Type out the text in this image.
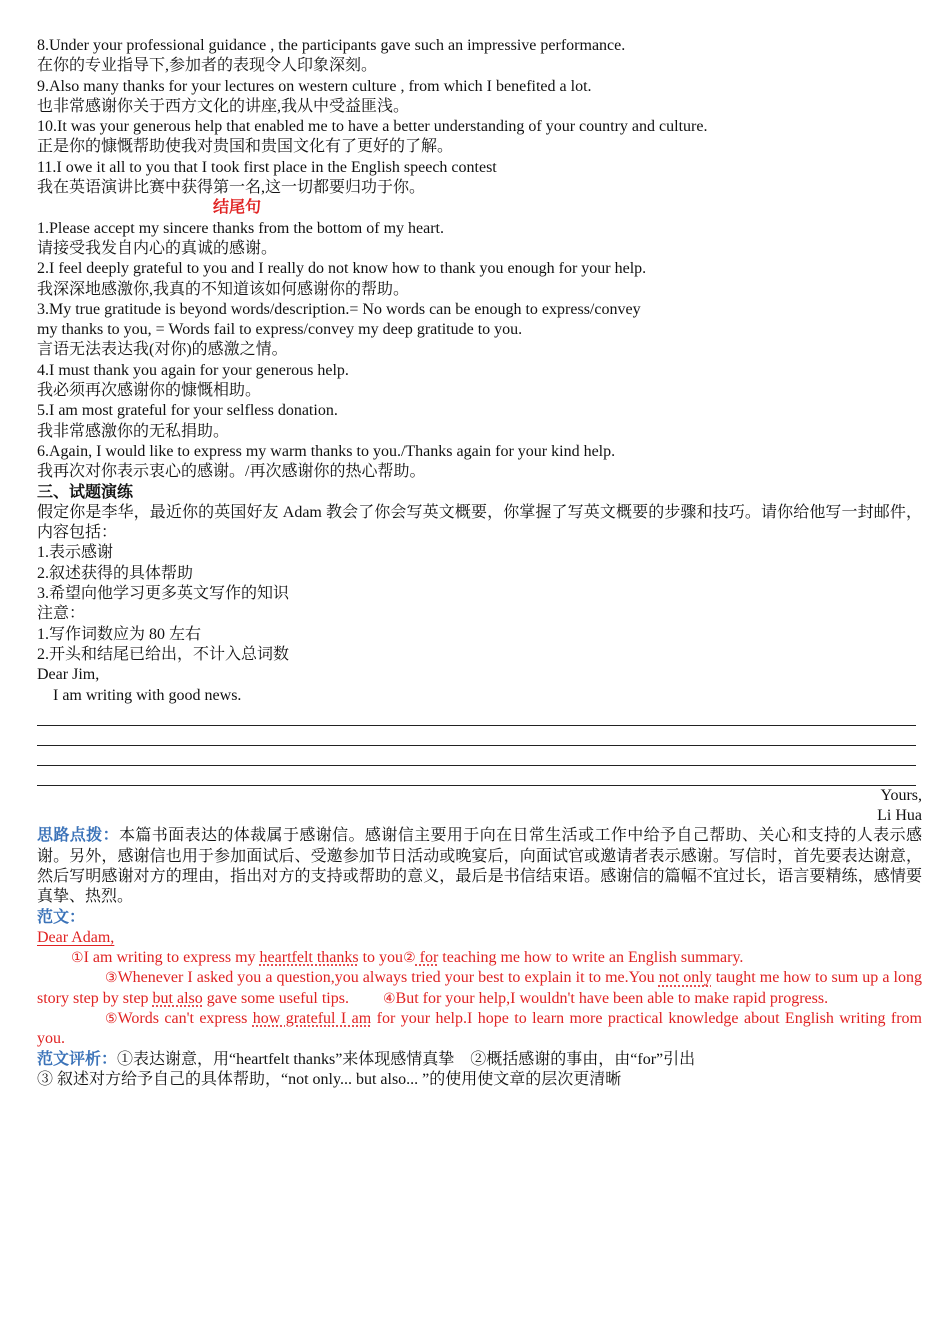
8.Under your professional guidance , the participants gave such an impressive performance.
在你的专业指导下,参加者的表现令人印象深刻。
9.Also many thanks for your lectures on western culture , from which I benefited a lot.
也非常感谢你关于西方文化的讲座,我从中受益匪浅。
10.It was your generous help that enabled me to have a better understanding of your country and culture.
正是你的慷慨帮助使我对贵国和贵国文化有了更好的了解。
11.I owe it all to you that I took first place in the English speech contest
我在英语演讲比赛中获得第一名,这一切都要归功于你。
结尾句
1.Please accept my sincere thanks from the bottom of my heart.
请接受我发自内心的真诚的感谢。
2.I feel deeply grateful to you and I really do not know how to thank you enough for your help.
我深深地感激你,我真的不知道该如何感谢你的帮助。
3.My true gratitude is beyond words/description.= No words can be enough to express/convey
my thanks to you, = Words fail to express/convey my deep gratitude to you.
言语无法表达我(对你)的感激之情。
4.I must thank you again for your generous help.
我必须再次感谢你的慷慨相助。
5.I am most grateful for your selfless donation.
我非常感激你的无私捐助。
6.Again, I would like to express my warm thanks to you./Thanks again for your kind help.
我再次对你表示衷心的感谢。/再次感谢你的热心帮助。
三、试题演练
假定你是李华，最近你的英国好友 Adam 教会了你会写英文概要，你掌握了写英文概要的步骤和技巧。请你给他写一封邮件，内容包括：
1.表示感谢
2.叙述获得的具体帮助
3.希望向他学习更多英文写作的知识
注意：
1.写作词数应为 80 左右
2.开头和结尾已给出，不计入总词数
Dear Jim,
I am writing with good news.
Yours,
Li Hua
思路点拨：本篇书面表达的体裁属于感谢信。感谢信主要用于向在日常生活或工作中给予自己帮助、关心和支持的人表示感谢。另外，感谢信也用于参加面试后、受邀参加节日活动或晚宴后，向面试官或邀请者表示感谢。写信时，首先要表达谢意，然后写明感谢对方的理由，指出对方的支持或帮助的意义，最后是书信结束语。感谢信的篇幅不宜过长，语言要精练，感情要真挚、热烈。
范文：
Dear Adam,
①I am writing to express my heartfelt thanks to you② for teaching me how to write an English summary.
③Whenever I asked you a question,you always tried your best to explain it to me.You not only taught me how to sum up a long story step by step but also gave some useful tips. ④But for your help,I wouldn't have been able to make rapid progress.
⑤Words can't express how grateful I am for your help.I hope to learn more practical knowledge about English writing from you.
范文评析：①表达谢意，用“heartfelt thanks”来体现感情真挚　②概括感谢的事由，由“for”引出
③ 叙述对方给予自己的具体帮助，“not only... but also... ”的使用使文章的层次更清晰
